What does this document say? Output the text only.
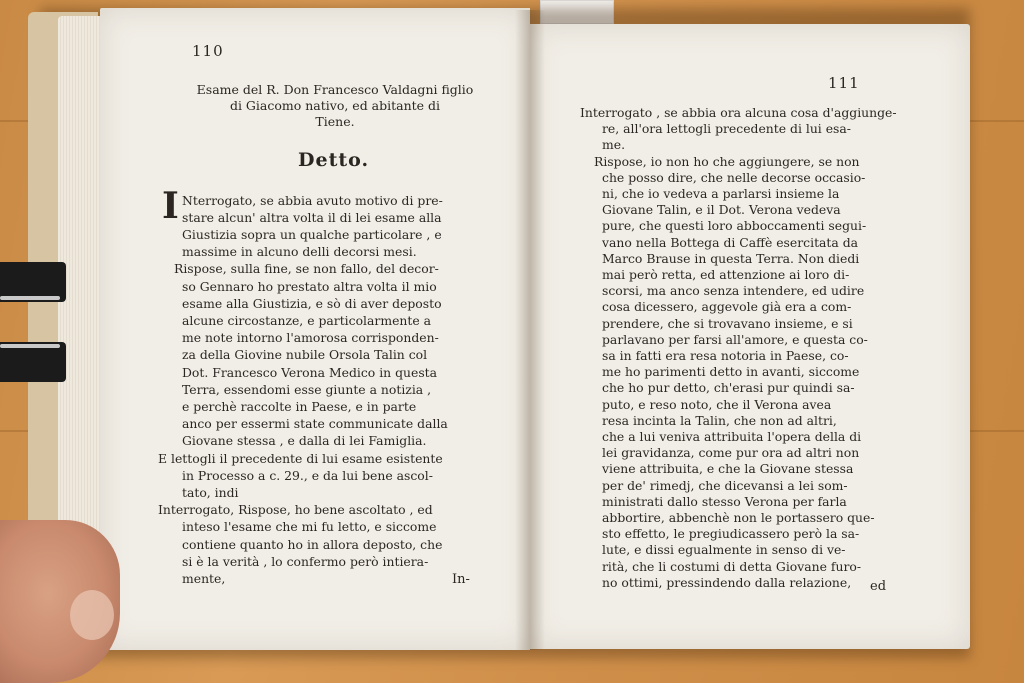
110
Esame del R. Don Francesco Valdagni figlio
di Giacomo nativo, ed abitante di
Tiene.
Detto.
I Nterrogato, se abbia avuto motivo di pre-
stare alcun' altra volta il di lei esame alla
Giustizia sopra un qualche particolare , e
massime in alcuno delli decorsi mesi.
Rispose, sulla fine, se non fallo, del decor-
so Gennaro ho prestato altra volta il mio
esame alla Giustizia, e sò di aver deposto
alcune circostanze, e particolarmente a
me note intorno l'amorosa corrisponden-
za della Giovine nubile Orsola Talin col
Dot. Francesco Verona Medico in questa
Terra, essendomi esse giunte a notizia ,
e perchè raccolte in Paese, e in parte
anco per essermi state communicate dalla
Giovane stessa , e dalla di lei Famiglia.
E lettogli il precedente di lui esame esistente
in Processo a c. 29., e da lui bene ascol-
tato, indi
Interrogato, Rispose, ho bene ascoltato , ed
inteso l'esame che mi fu letto, e siccome
contiene quanto ho in allora deposto, che
si è la verità , lo confermo però intiera-
mente,	In-
111
Interrogato , se abbia ora alcuna cosa d'aggiunge-
re, all'ora lettogli precedente di lui esa-
me.
Rispose, io non ho che aggiungere, se non
che posso dire, che nelle decorse occasio-
ni, che io vedeva a parlarsi insieme la
Giovane Talin, e il Dot. Verona vedeva
pure, che questi loro abboccamenti segui-
vano nella Bottega di Caffè esercitata da
Marco Brause in questa Terra. Non diedi
mai però retta, ed attenzione ai loro di-
scorsi, ma anco senza intendere, ed udire
cosa dicessero, aggevole già era a com-
prendere, che si trovavano insieme, e si
parlavano per farsi all'amore, e questa co-
sa in fatti era resa notoria in Paese, co-
me ho parimenti detto in avanti, siccome
che ho pur detto, ch'erasi pur quindi sa-
puto, e reso noto, che il Verona avea
resa incinta la Talin, che non ad altri,
che a lui veniva attribuita l'opera della di
lei gravidanza, come pur ora ad altri non
viene attribuita, e che la Giovane stessa
per de' rimedj, che dicevansi a lei som-
ministrati dallo stesso Verona per farla
abbortire, abbenchè non le portassero que-
sto effetto, le pregiudicassero però la sa-
lute, e dissi egualmente in senso di ve-
rità, che li costumi di detta Giovane furo-
no ottimi, pressindendo dalla relazione, ed
